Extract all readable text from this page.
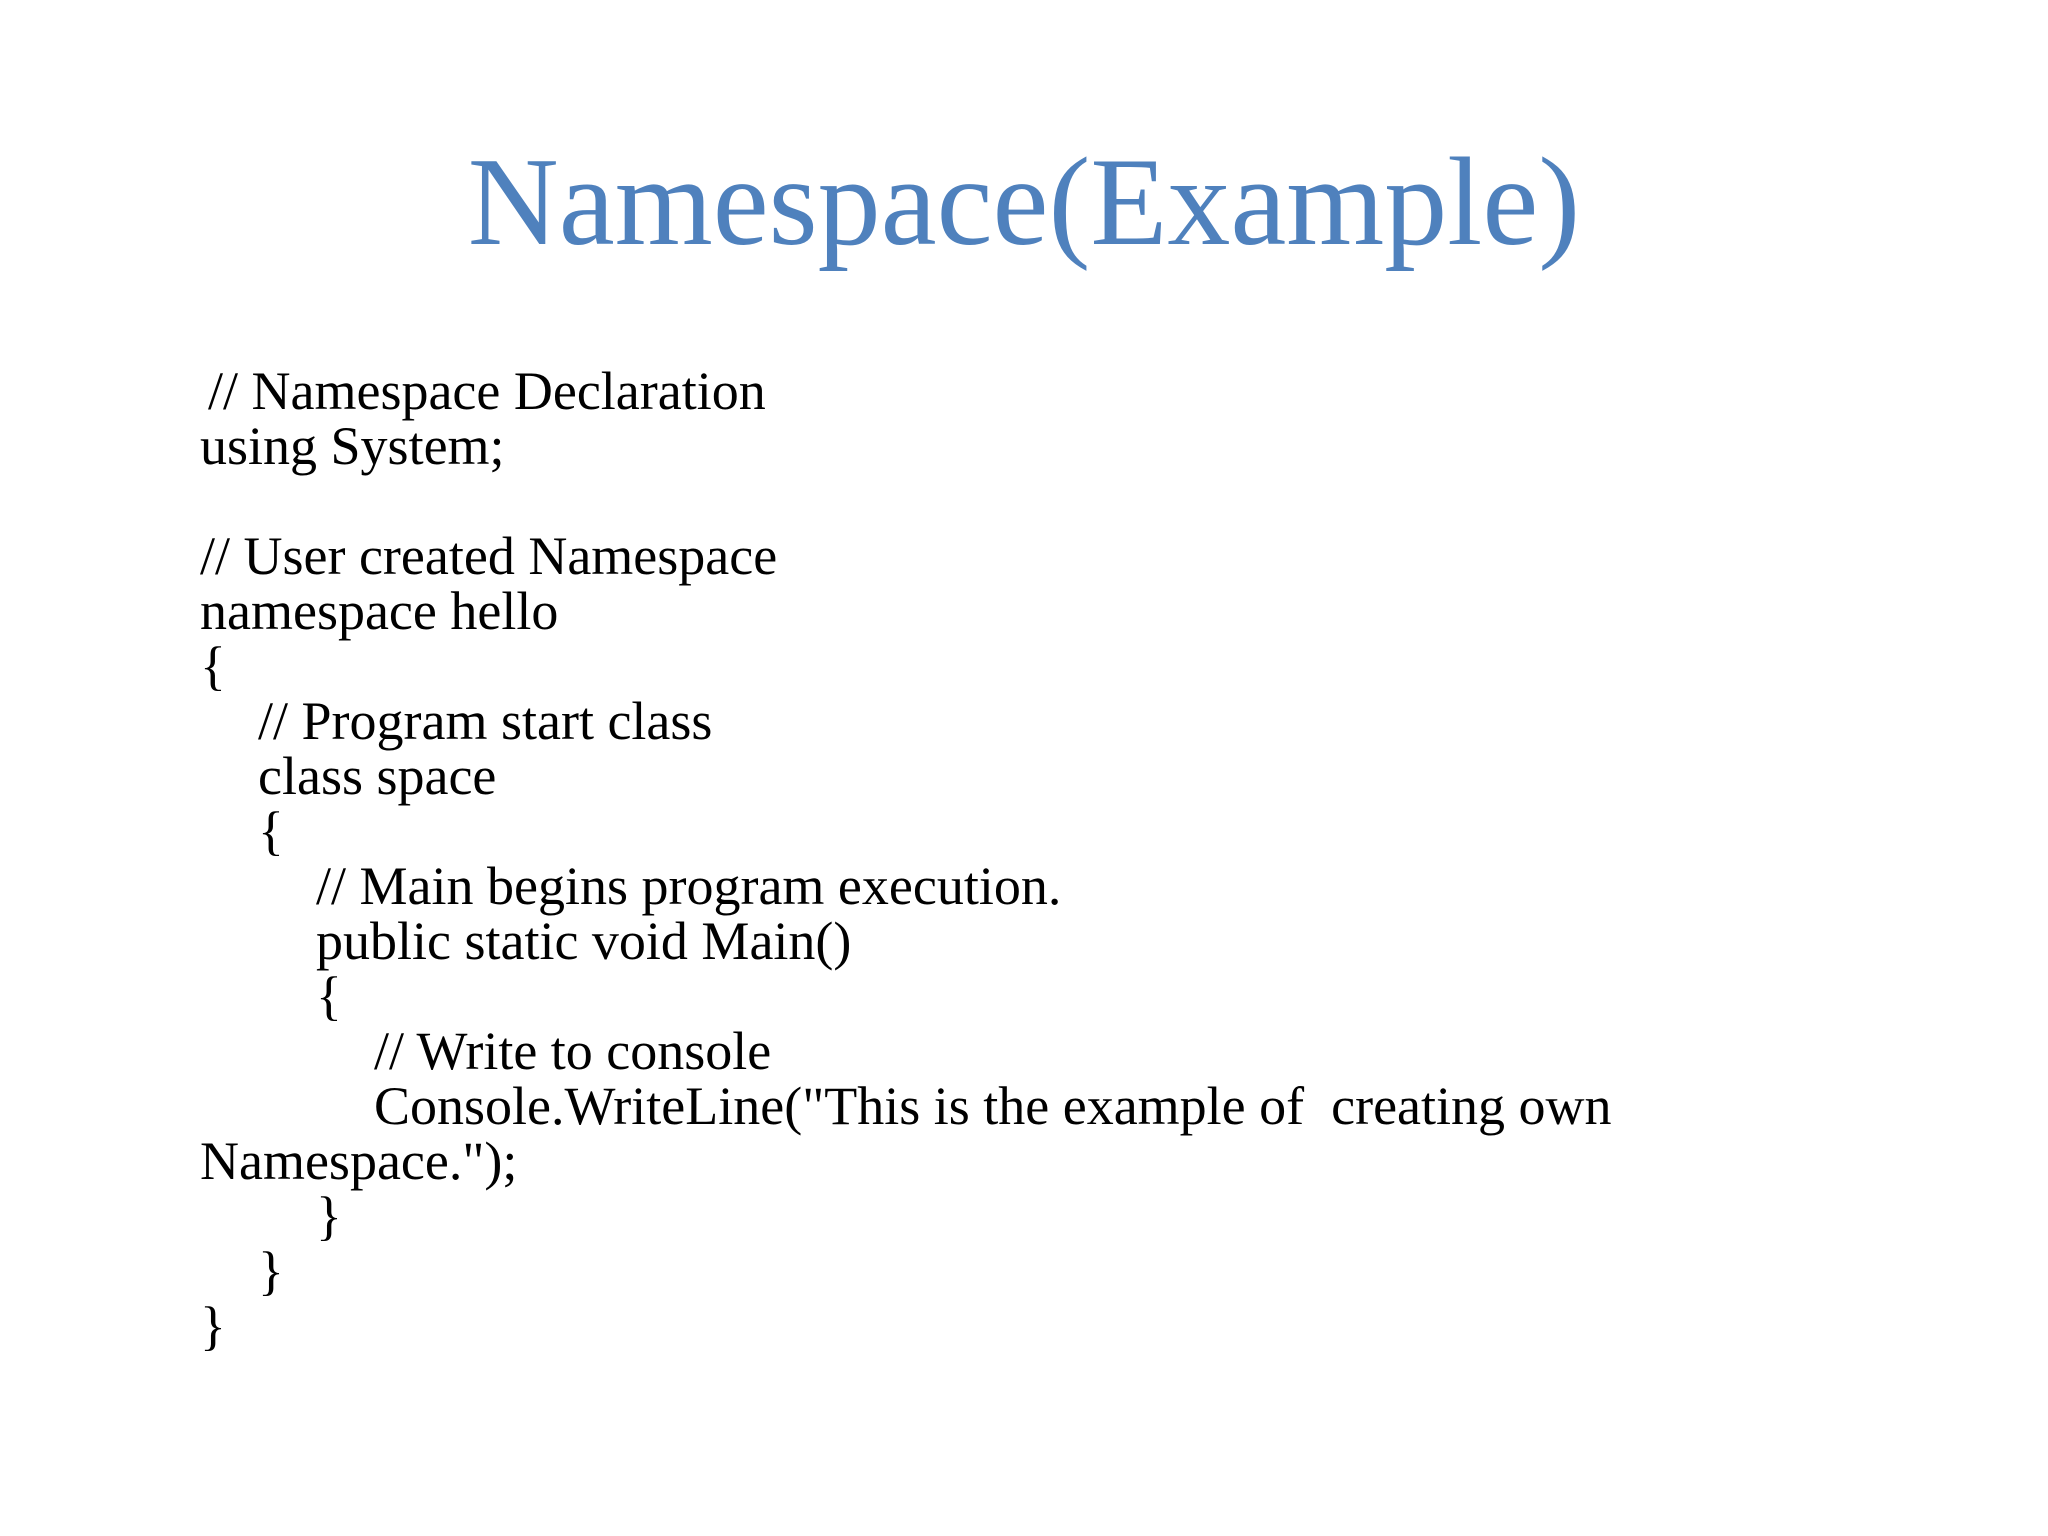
Namespace(Example)
// Namespace Declaration
using System;
// User created Namespace
namespace hello
{
// Program start class
class space
{
// Main begins program execution.
public static void Main()
{
// Write to console
Console.WriteLine("This is the example of  creating own
Namespace.");
}
}
}
